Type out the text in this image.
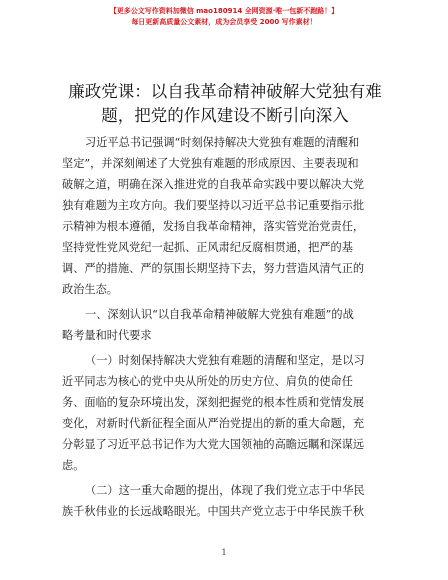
【更多公文写作资料加微信 mao180914 全网资源·唯一包新不跑路！】
每日更新高质量公文素材，成为会员享受 2000 写作素材！
廉政党课：以自我革命精神破解大党独有难
题，把党的作风建设不断引向深入
习近平总书记强调“时刻保持解决大党独有难题的清醒和
坚定”，并深刻阐述了大党独有难题的形成原因、主要表现和
破解之道，明确在深入推进党的自我革命实践中要以解决大党
独有难题为主攻方向。我们要坚持以习近平总书记重要指示批
示精神为根本遵循，发扬自我革命精神，落实管党治党责任，
坚持党性党风党纪一起抓、正风肃纪反腐相贯通，把严的基
调、严的措施、严的氛围长期坚持下去，努力营造风清气正的
政治生态。
一、深刻认识“以自我革命精神破解大党独有难题”的战
略考量和时代要求
（一）时刻保持解决大党独有难题的清醒和坚定，是以习
近平同志为核心的党中央从所处的历史方位、肩负的使命任
务、面临的复杂环境出发，深刻把握党的根本性质和党情发展
变化，对新时代新征程全面从严治党提出的新的重大命题，充
分彰显了习近平总书记作为大党大国领袖的高瞻远瞩和深谋远
虑。
（二）这一重大命题的提出，体现了我们党立志于中华民
族千秋伟业的长远战略眼光。中国共产党立志于中华民族千秋
1
